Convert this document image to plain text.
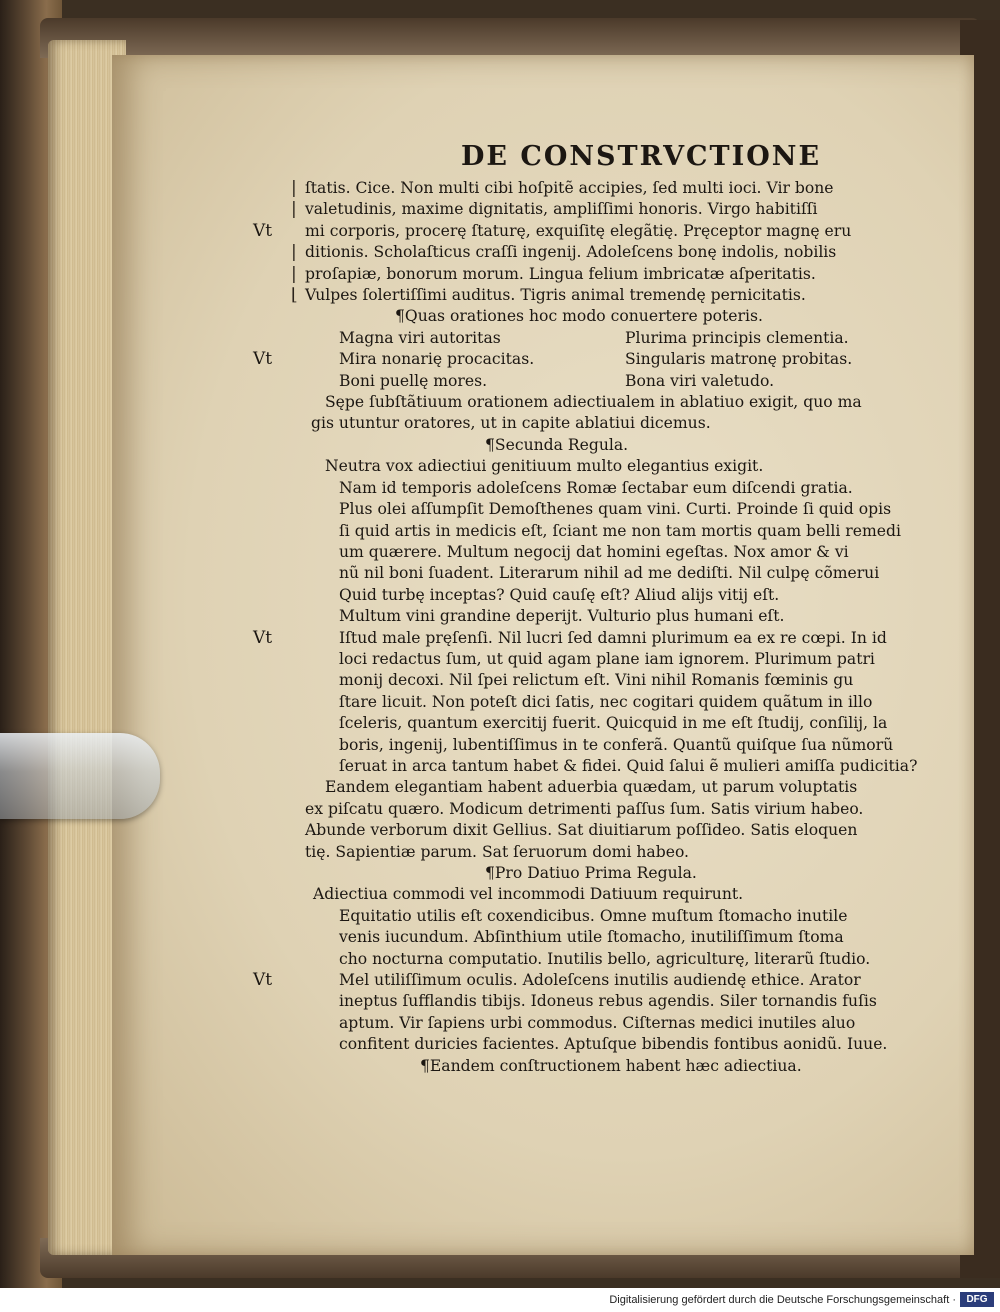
DE CONSTRVCTIONE
Vt
| ſtatis. Cice. Non multi cibi hoſpitẽ accipies, ſed multi ioci. Vir bone
| valetudinis, maxime dignitatis, ampliſſimi honoris. Virgo habitiſſi
mi corporis, procerę ſtaturę, exquiſitę elegãtię. Pręceptor magnę eru
| ditionis. Scholaſticus craſſi ingenij. Adoleſcens bonę indolis, nobilis
| proſapiæ, bonorum morum. Lingua felium imbricatæ aſperitatis.
⌊ Vulpes ſolertiſſimi auditus. Tigris animal tremendę pernicitatis.
¶Quas orationes hoc modo conuertere poteris.
Vt
Magna viri autoritas	Plurima principis clementia.
Mira nonarię procacitas.	Singularis matronę probitas.
Boni puellę mores.	Bona viri valetudo.
Sępe ſubſtãtiuum orationem adiectiualem in ablatiuo exigit, quo ma
gis utuntur oratores, ut in capite ablatiui dicemus.
¶Secunda Regula.
Neutra vox adiectiui genitiuum multo elegantius exigit.
Vt
Nam id temporis adoleſcens Romæ ſectabar eum diſcendi gratia.
Plus olei aſſumpſit Demoſthenes quam vini. Curti. Proinde ſi quid opis
ſi quid artis in medicis eſt, ſciant me non tam mortis quam belli remedi
um quærere. Multum negocij dat homini egeſtas. Nox amor & vi
nũ nil boni ſuadent. Literarum nihil ad me dediſti. Nil culpę cõmerui
Quid turbę inceptas? Quid cauſę eſt? Aliud alijs vitij eſt.
Multum vini grandine deperijt. Vulturio plus humani eſt.
Iſtud male pręſenſi. Nil lucri ſed damni plurimum ea ex re cœpi. In id
loci redactus ſum, ut quid agam plane iam ignorem. Plurimum patri
monij decoxi. Nil ſpei relictum eſt. Vini nihil Romanis fœminis gu
ſtare licuit. Non poteſt dici ſatis, nec cogitari quidem quãtum in illo
ſceleris, quantum exercitij fuerit. Quicquid in me eſt ſtudij, conſilij, la
boris, ingenij, lubentiſſimus in te conferã. Quantũ quiſque ſua nũmorũ
ſeruat in arca tantum habet & fidei. Quid ſalui ẽ mulieri amiſſa pudicitia?
Eandem elegantiam habent aduerbia quædam, ut parum voluptatis
ex piſcatu quæro. Modicum detrimenti paſſus ſum. Satis virium habeo.
Abunde verborum dixit Gellius. Sat diuitiarum poſſideo. Satis eloquen
tię. Sapientiæ parum. Sat ſeruorum domi habeo.
¶Pro Datiuo Prima Regula.
Adiectiua commodi vel incommodi Datiuum requirunt.
Vt
Equitatio utilis eſt coxendicibus. Omne muſtum ſtomacho inutile
venis iucundum. Abſinthium utile ſtomacho, inutiliſſimum ſtoma
cho nocturna computatio. Inutilis bello, agriculturę, literarũ ſtudio.
Mel utiliſſimum oculis. Adoleſcens inutilis audiendę ethice. Arator
ineptus ſufflandis tibijs. Idoneus rebus agendis. Siler tornandis fuſis
aptum. Vir ſapiens urbi commodus. Ciſternas medici inutiles aluo
confitent duricies facientes. Aptuſque bibendis fontibus aonidũ. Iuue.
¶Eandem conſtructionem habent hæc adiectiua.
Digitalisierung gefördert durch die Deutsche Forschungsgemeinschaft ·	DFG
